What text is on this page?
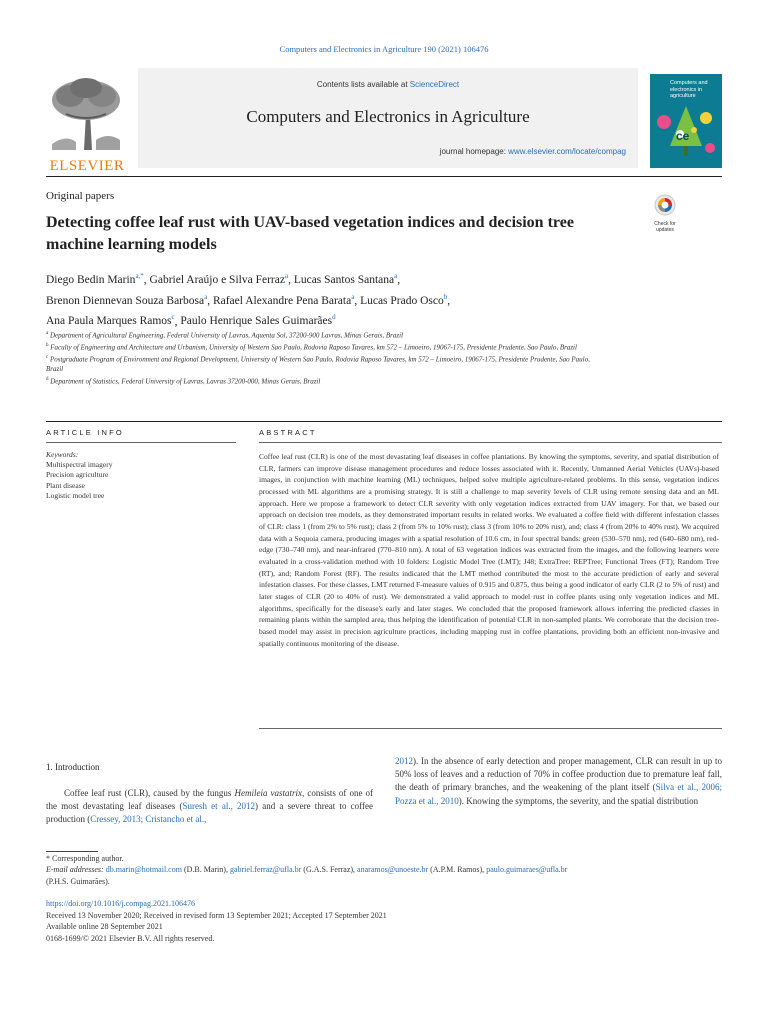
Computers and Electronics in Agriculture 190 (2021) 106476
ELSEVIER
Contents lists available at ScienceDirect
Computers and Electronics in Agriculture
journal homepage: www.elsevier.com/locate/compag
Computers and electronics in agriculture
ce
Original papers
Detecting coffee leaf rust with UAV-based vegetation indices and decision tree machine learning models
Check for
updates
Diego Bedin Marin$^{a,*}$, Gabriel Araújo e Silva Ferraz$^a$, Lucas Santos Santana$^a$,
Brenon Diennevan Souza Barbosa$^a$, Rafael Alexandre Pena Barata$^a$, Lucas Prado Osco$^b$,
Ana Paula Marques Ramos$^c$, Paulo Henrique Sales Guimarães$^d$
$^a$ Department of Agricultural Engineering, Federal University of Lavras, Aquenta Sol, 37200-900 Lavras, Minas Gerais, Brazil
$^b$ Faculty of Engineering and Architecture and Urbanism, University of Western Sao Paulo, Rodovia Raposo Tavares, km 572 – Limoeiro, 19067-175, Presidente Prudente, Sao Paulo, Brazil
$^c$ Postgraduate Program of Environment and Regional Development, University of Western Sao Paulo, Rodovia Raposo Tavares, km 572 – Limoeiro, 19067-175, Presidente Prudente, Sao Paulo, Brazil
$^d$ Department of Statistics, Federal University of Lavras, Lavras 37200-000, Minas Gerais, Brazil
ARTICLE INFO	ABSTRACT
Keywords:
Multispectral imagery
Precision agriculture
Plant disease
Logistic model tree
Coffee leaf rust (CLR) is one of the most devastating leaf diseases in coffee plantations. By knowing the symptoms, severity, and spatial distribution of CLR, farmers can improve disease management procedures and reduce losses associated with it. Recently, Unmanned Aerial Vehicles (UAVs)-based images, in conjunction with machine learning (ML) techniques, helped solve multiple agriculture-related problems. In this sense, vegetation indices processed with ML algorithms are a promising strategy. It is still a challenge to map severity levels of CLR using remote sensing data and an ML approach. Here we propose a framework to detect CLR severity with only vegetation indices extracted from UAV imagery. For that, we based our approach on decision tree models, as they demonstrated important results in related works. We evaluated a coffee field with different infestation classes of CLR: class 1 (from 2% to 5% rust); class 2 (from 5% to 10% rust); class 3 (from 10% to 20% rust), and; class 4 (from 20% to 40% rust). We acquired data with a Sequoia camera, producing images with a spatial resolution of 10.6 cm, in four spectral bands: green (530–570 nm), red (640–680 nm), red-edge (730–740 nm), and near-infrared (770–810 nm). A total of 63 vegetation indices was extracted from the images, and the following learners were evaluated in a cross-validation method with 10 folders: Logistic Model Tree (LMT); J48; ExtraTree; REPTree; Functional Trees (FT); Random Tree (RT), and; Random Forest (RF). The results indicated that the LMT method contributed the most to the accurate prediction of early and several infestation classes. For these classes, LMT returned F-measure values of 0.915 and 0.875, thus being a good indicator of early CLR (2 to 5% of rust) and later stages of CLR (20 to 40% of rust). We demonstrated a valid approach to model rust in coffee plants using only vegetation indices and ML algorithms, specifically for the disease's early and later stages. We concluded that the proposed framework allows inferring the predicted classes in remaining plants within the sampled area, thus helping the identification of potential CLR in non-sampled plants. We corroborate that the decision tree-based model may assist in precision agriculture practices, including mapping rust in coffee plantations, providing both an efficient non-invasive and spatially continuous monitoring of the disease.
1. Introduction
Coffee leaf rust (CLR), caused by the fungus Hemileia vastatrix, consists of one of the most devastating leaf diseases (Suresh et al., 2012) and a severe threat to coffee production (Cressey, 2013; Cristancho et al.,
2012). In the absence of early detection and proper management, CLR can result in up to 50% loss of leaves and a reduction of 70% in coffee production due to premature leaf fall, the death of primary branches, and the weakening of the plant itself (Silva et al., 2006; Pozza et al., 2010). Knowing the symptoms, the severity, and the spatial distribution
* Corresponding author.
E-mail addresses: db.marin@hotmail.com (D.B. Marin), gabriel.ferraz@ufla.br (G.A.S. Ferraz), anaramos@unoeste.br (A.P.M. Ramos), paulo.guimaraes@ufla.br
(P.H.S. Guimarães).
https://doi.org/10.1016/j.compag.2021.106476
Received 13 November 2020; Received in revised form 13 September 2021; Accepted 17 September 2021
Available online 28 September 2021
0168-1699/© 2021 Elsevier B.V. All rights reserved.
